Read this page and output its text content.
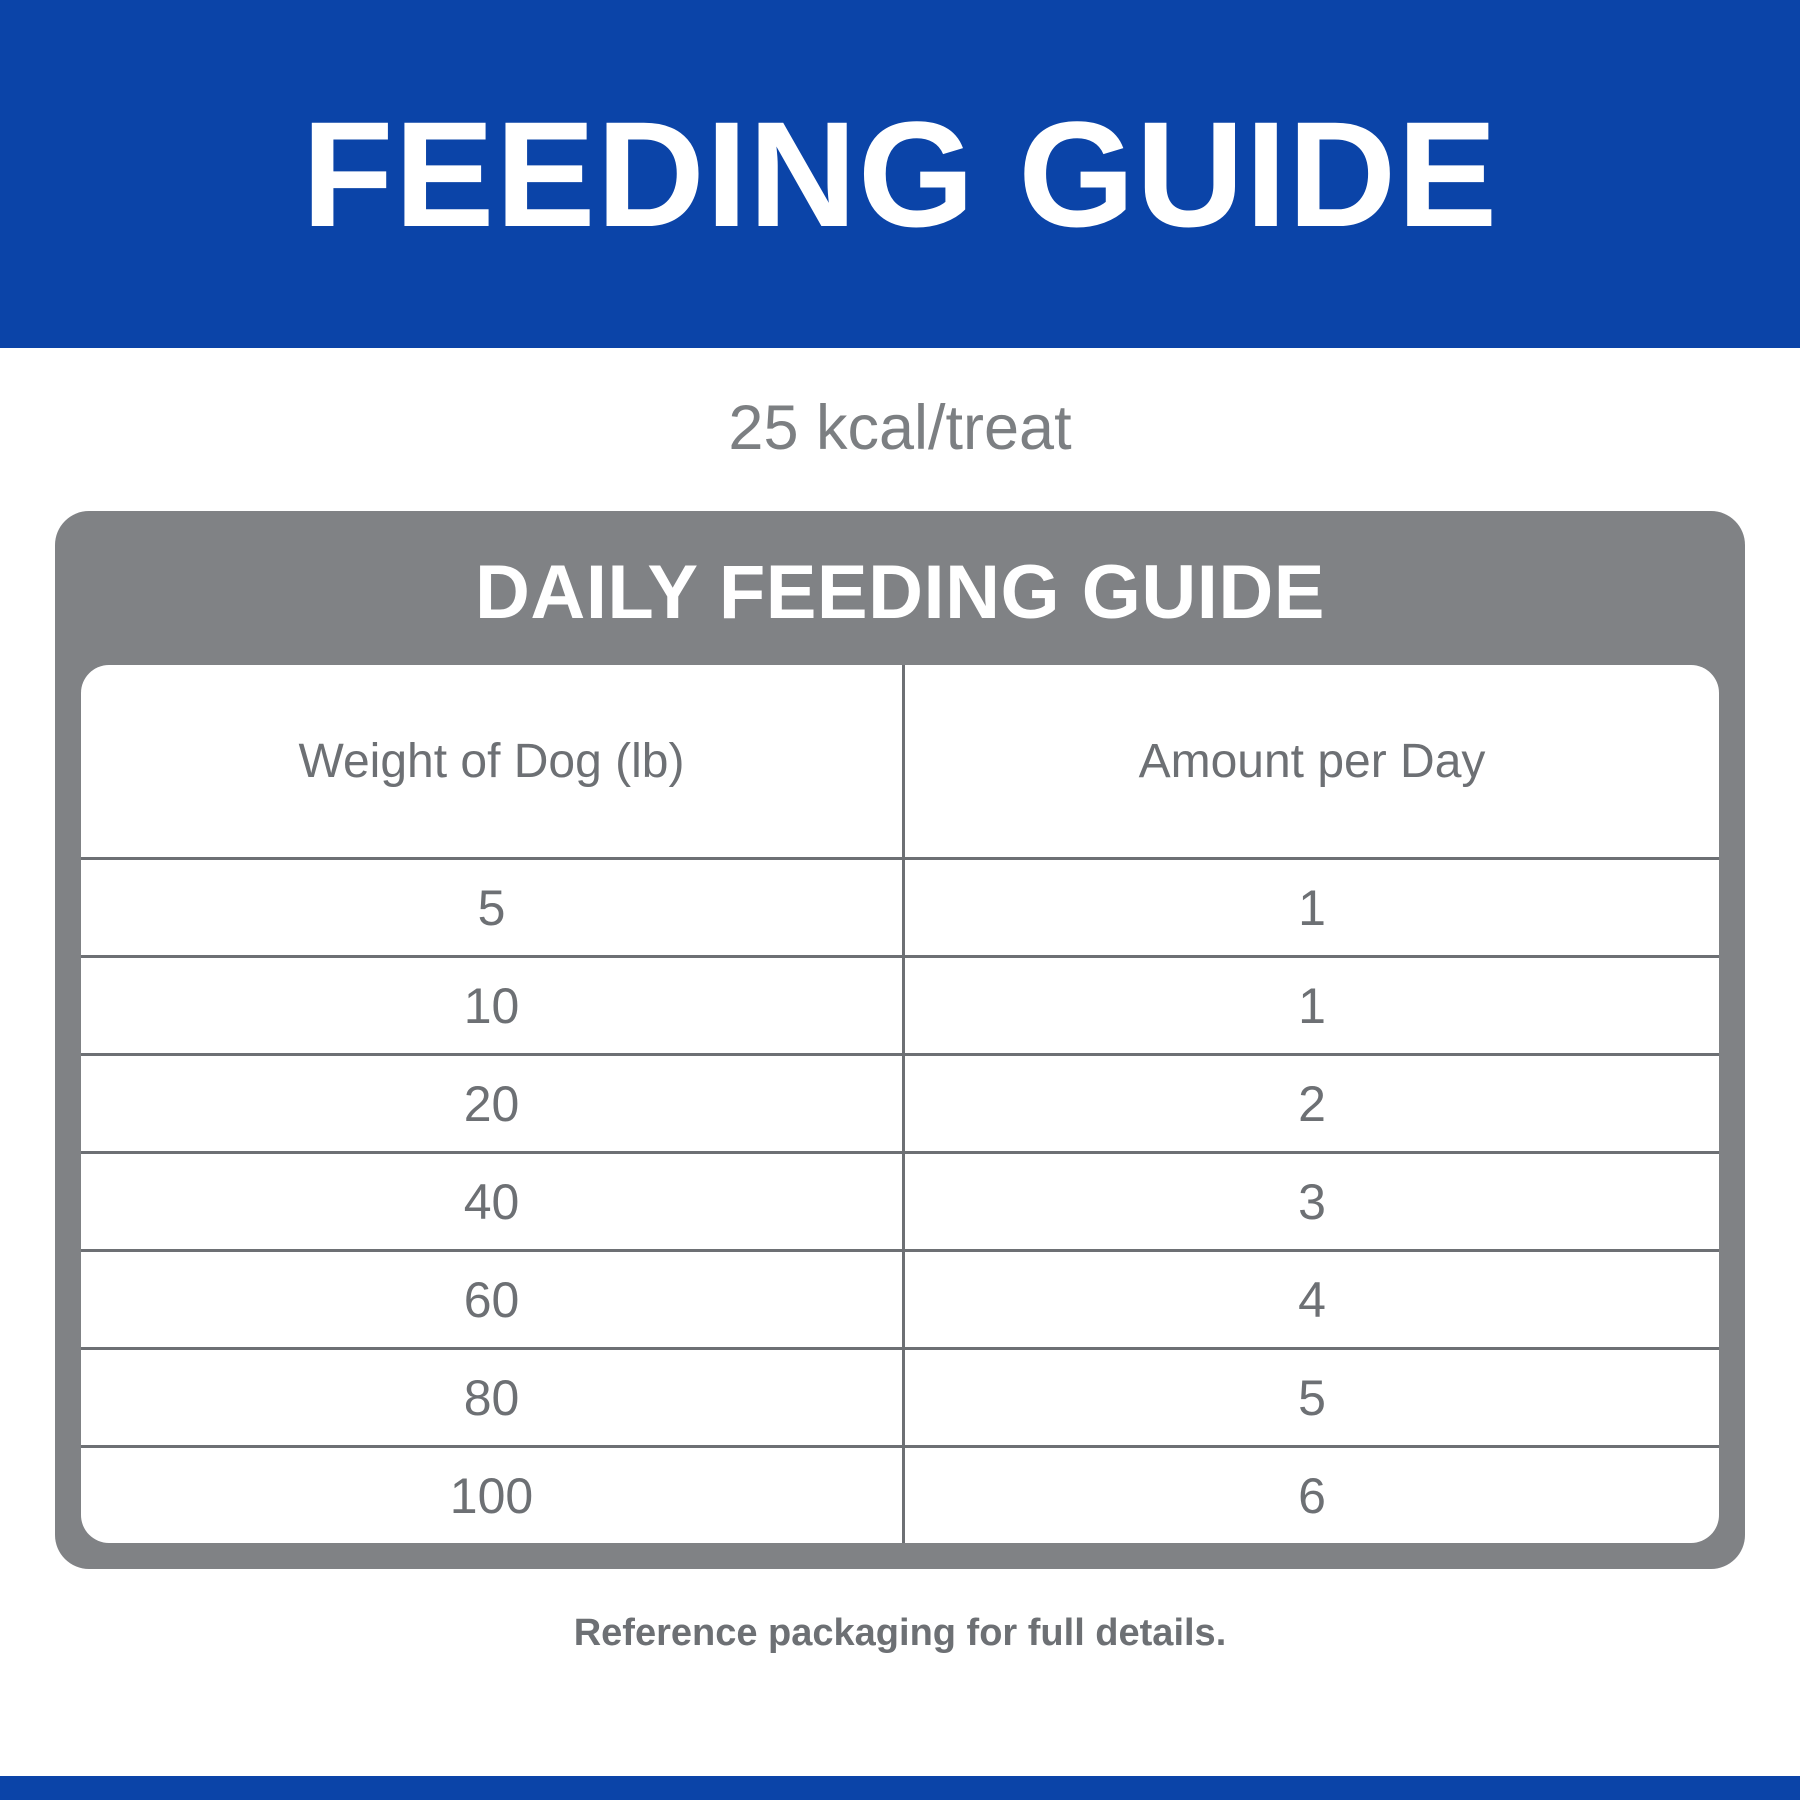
FEEDING GUIDE
25 kcal/treat
DAILY FEEDING GUIDE
Weight of Dog (lb)	Amount per Day
5	1
10	1
20	2
40	3
60	4
80	5
100	6
Reference packaging for full details.
